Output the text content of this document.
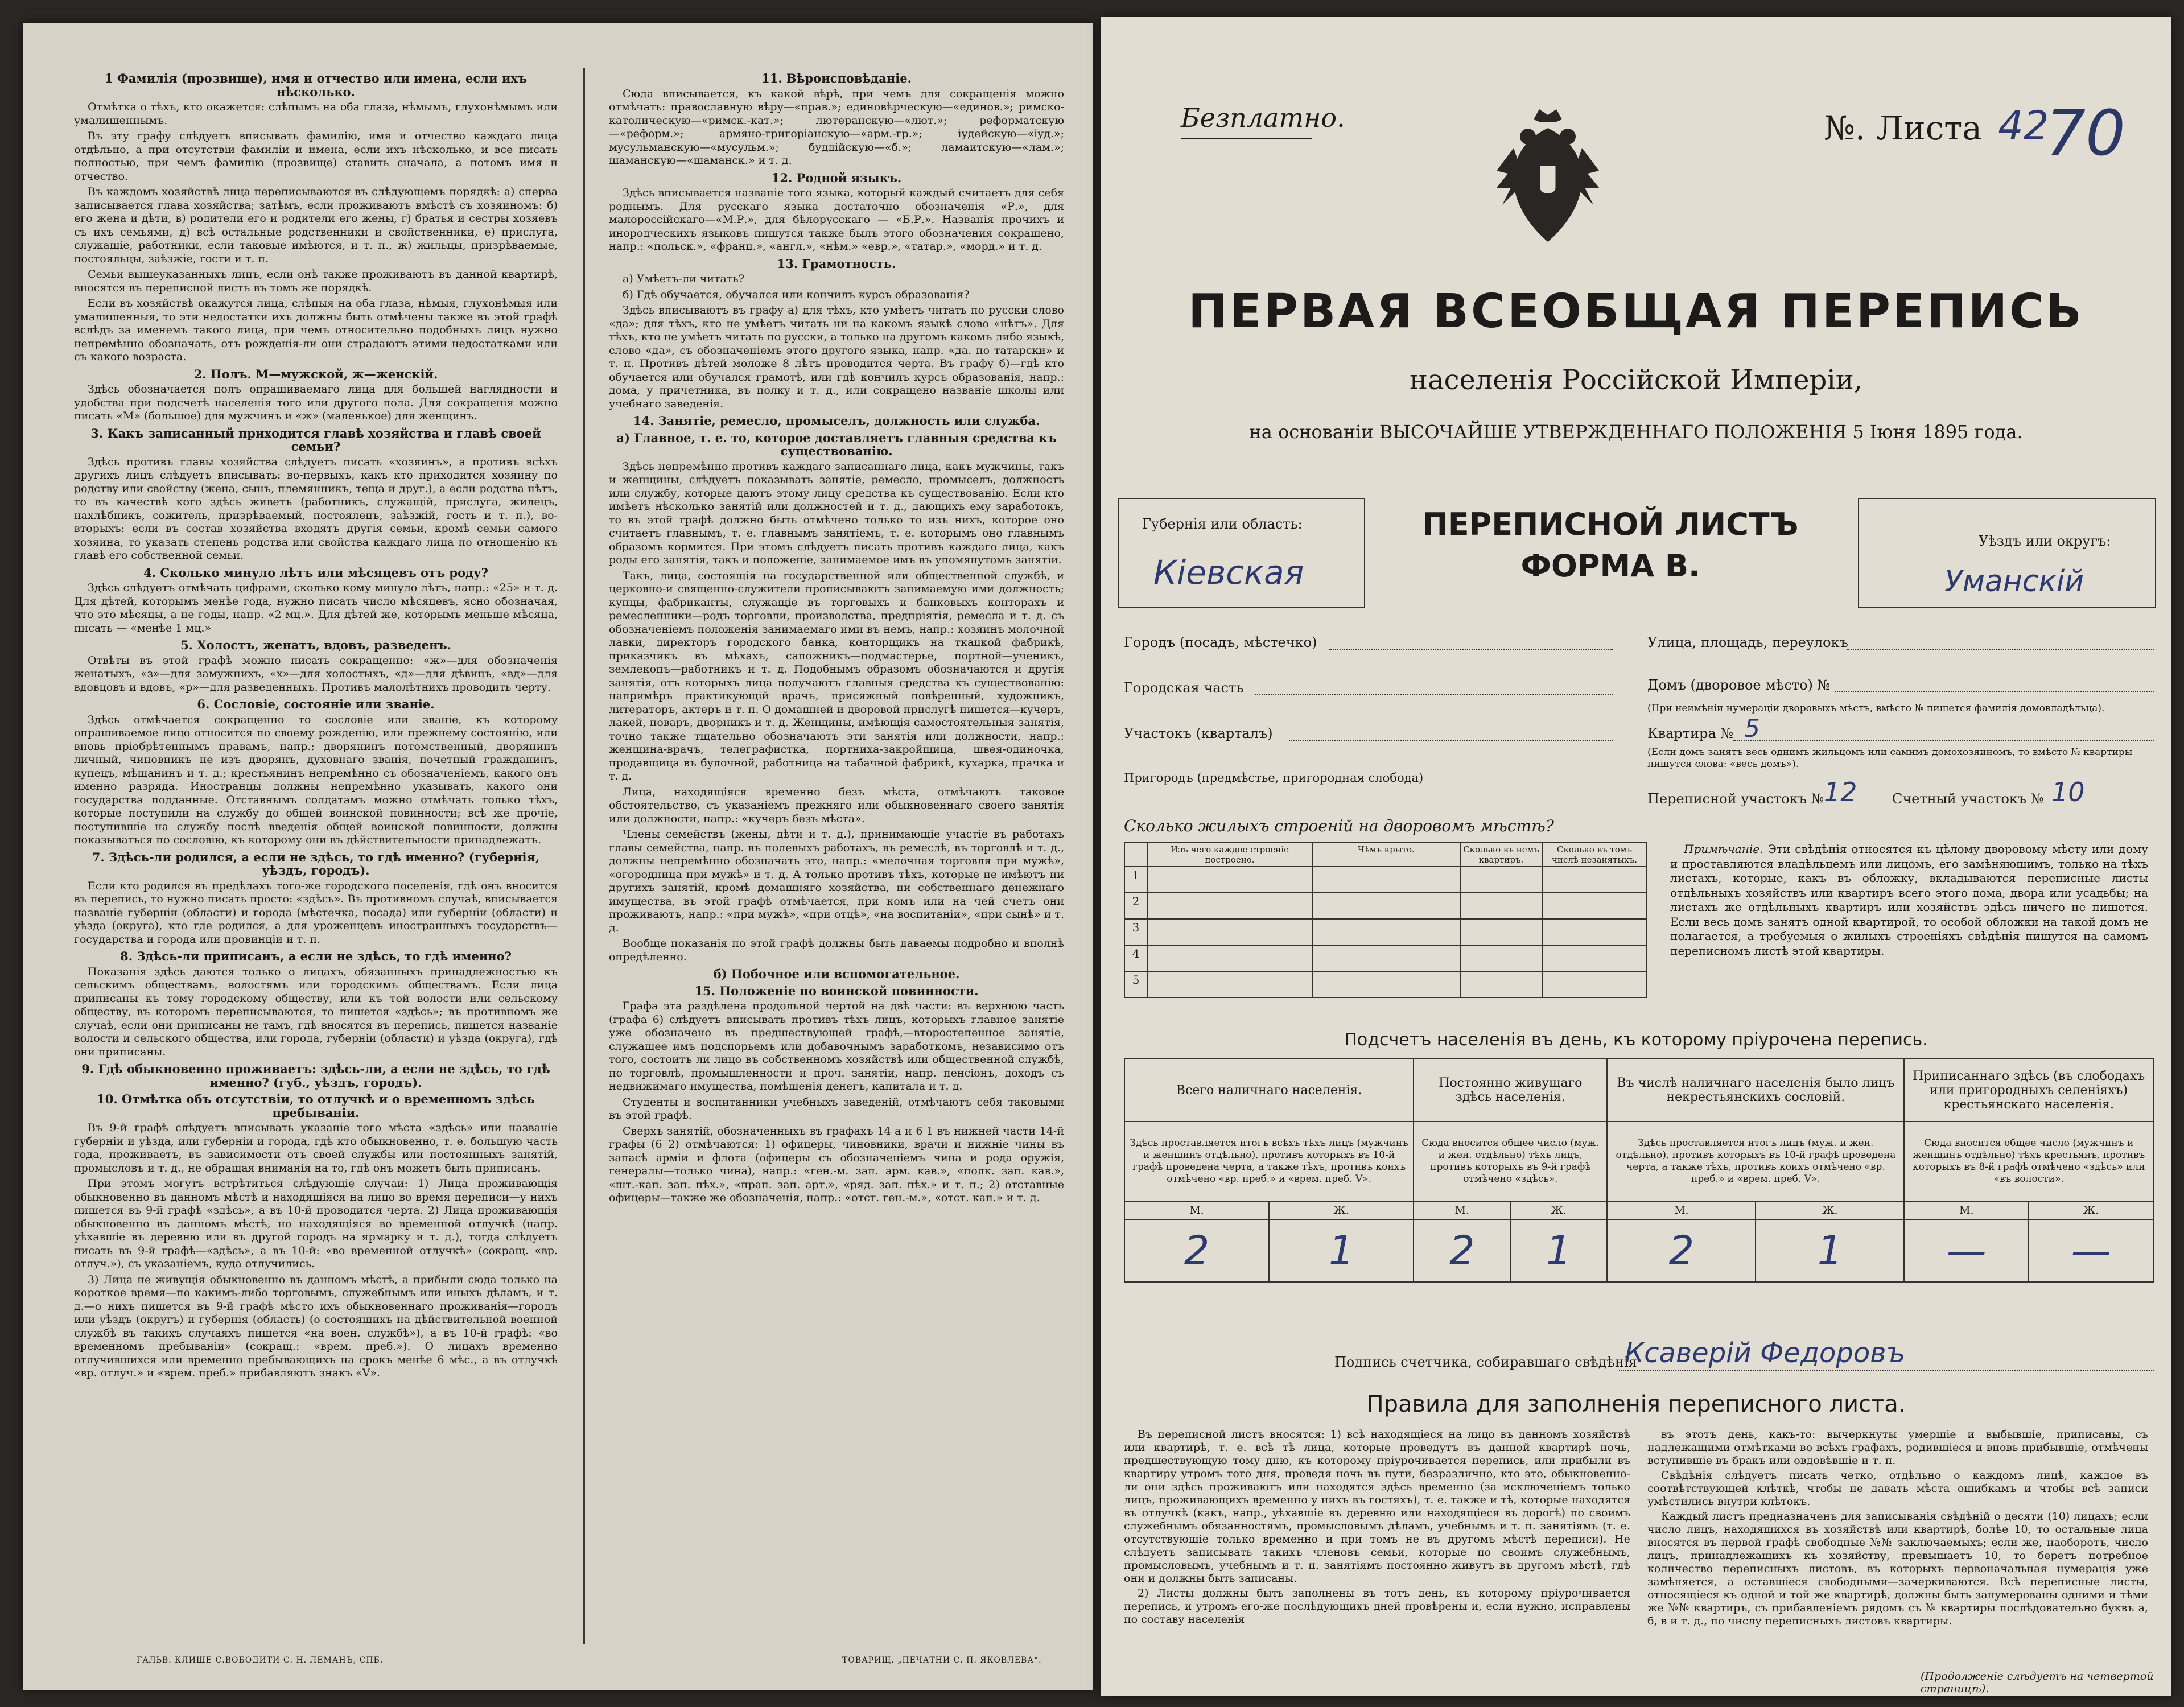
1 Фамилія (прозвище), имя и отчество или имена, если ихъ нѣсколько.

Отмѣтка о тѣхъ, кто окажется: слѣпымъ на оба глаза, нѣмымъ, глухонѣмымъ или умалишеннымъ.

Въ эту графу слѣдуетъ вписывать фамилію, имя и отчество каждаго лица отдѣльно, а при отсутствіи фамиліи и имена, если ихъ нѣсколько, и все писать полностью, при чемъ фамилію (прозвище) ставить сначала, а потомъ имя и отчество.

Въ каждомъ хозяйствѣ лица переписываются въ слѣдующемъ порядкѣ: а) сперва записывается глава хозяйства; затѣмъ, если проживаютъ вмѣстѣ съ хозяиномъ: б) его жена и дѣти, в) родители его и родители его жены, г) братья и сестры хозяевъ съ ихъ семьями, д) всѣ остальные родственники и свойственники, е) прислуга, служащіе, работники, если таковые имѣются, и т. п., ж) жильцы, призрѣваемые, постояльцы, заѣзжіе, гости и т. п.

Семьи вышеуказанныхъ лицъ, если онѣ также проживаютъ въ данной квартирѣ, вносятся въ переписной листъ въ томъ же порядкѣ.

Если въ хозяйствѣ окажутся лица, слѣпыя на оба глаза, нѣмыя, глухонѣмыя или умалишенныя, то эти недостатки ихъ должны быть отмѣчены также въ этой графѣ вслѣдъ за именемъ такого лица, при чемъ относительно подобныхъ лицъ нужно непремѣнно обозначать, отъ рожденія-ли они страдаютъ этими недостатками или съ какого возраста.

2. Полъ. М—мужской, ж—женскій.

Здѣсь обозначается полъ опрашиваемаго лица для большей наглядности и удобства при подсчетѣ населенія того или другого пола. Для сокращенія можно писать «М» (большое) для мужчинъ и «ж» (маленькое) для женщинъ.

3. Какъ записанный приходится главѣ хозяйства и главѣ своей семьи?

Здѣсь противъ главы хозяйства слѣдуетъ писать «хозяинъ», а противъ всѣхъ другихъ лицъ слѣдуетъ вписывать: во-первыхъ, какъ кто приходится хозяину по родству или свойству (жена, сынъ, племянникъ, теща и друг.), а если родства нѣтъ, то въ качествѣ кого здѣсь живетъ (работникъ, служащій, прислуга, жилецъ, нахлѣбникъ, сожитель, призрѣваемый, постоялецъ, заѣзжій, гость и т. п.), во-вторыхъ: если въ состав хозяйства входятъ другія семьи, кромѣ семьи самого хозяина, то указать степень родства или свойства каждаго лица по отношенію къ главѣ его собственной семьи.

4. Сколько минуло лѣтъ или мѣсяцевъ отъ роду?

Здѣсь слѣдуетъ отмѣчать цифрами, сколько кому минуло лѣтъ, напр.: «25» и т. д. Для дѣтей, которымъ менѣе года, нужно писать число мѣсяцевъ, ясно обозначая, что это мѣсяцы, а не годы, напр. «2 мц.». Для дѣтей же, которымъ меньше мѣсяца, писать — «менѣе 1 мц.»

5. Холостъ, женатъ, вдовъ, разведенъ.

Отвѣты въ этой графѣ можно писать сокращенно: «ж»—для обозначенія женатыхъ, «з»—для замужнихъ, «х»—для холостыхъ, «д»—для дѣвицъ, «вд»—для вдовцовъ и вдовъ, «р»—для разведенныхъ. Противъ малолѣтнихъ проводить черту.

6. Сословіе, состояніе или званіе.

Здѣсь отмѣчается сокращенно то сословіе или званіе, къ которому опрашиваемое лицо относится по своему рожденію, или прежнему состоянію, или вновь пріобрѣтеннымъ правамъ, напр.: дворянинъ потомственный, дворянинъ личный, чиновникъ не изъ дворянъ, духовнаго званія, почетный гражданинъ, купецъ, мѣщанинъ и т. д.; крестьянинъ непремѣнно съ обозначеніемъ, какого онъ именно разряда. Иностранцы должны непремѣнно указывать, какого они государства подданные. Отставнымъ солдатамъ можно отмѣчать только тѣхъ, которые поступили на службу до общей воинской повинности; всѣ же прочіе, поступившіе на службу послѣ введенія общей воинской повинности, должны показываться по сословію, къ которому они въ дѣйствительности принадлежатъ.

7. Здѣсь-ли родился, а если не здѣсь, то гдѣ именно? (губернія, уѣздъ, городъ).

Если кто родился въ предѣлахъ того-же городского поселенія, гдѣ онъ вносится въ перепись, то нужно писать просто: «здѣсь». Въ противномъ случаѣ, вписывается названіе губерніи (области) и города (мѣстечка, посада) или губерніи (области) и уѣзда (округа), кто где родился, а для уроженцевъ иностранныхъ государствъ—государства и города или провинціи и т. п.

8. Здѣсь-ли приписанъ, а если не здѣсь, то гдѣ именно?

Показанія здѣсь даются только о лицахъ, обязанныхъ принадлежностью къ сельскимъ обществамъ, волостямъ или городскимъ обществамъ. Если лица приписаны къ тому городскому обществу, или къ той волости или сельскому обществу, въ которомъ переписываются, то пишется «здѣсь»; въ противномъ же случаѣ, если они приписаны не тамъ, гдѣ вносятся въ перепись, пишется названіе волости и сельского общества, или города, губерніи (области) и уѣзда (округа), гдѣ они приписаны.

9. Гдѣ обыкновенно проживаетъ: здѣсь-ли, а если не здѣсь, то гдѣ именно? (губ., уѣздъ, городъ).

10. Отмѣтка объ отсутствіи, то отлучкѣ и о временномъ здѣсь пребываніи.

Въ 9-й графѣ слѣдуетъ вписывать указаніе того мѣста «здѣсь» или названіе губерніи и уѣзда, или губерніи и города, гдѣ кто обыкновенно, т. е. большую часть года, проживаетъ, въ зависимости отъ своей службы или постоянныхъ занятій, промысловъ и т. д., не обращая вниманія на то, гдѣ онъ можетъ быть приписанъ.

При этомъ могутъ встрѣтиться слѣдующіе случаи: 1) Лица проживающія обыкновенно въ данномъ мѣстѣ и находящіяся на лицо во время переписи—у нихъ пишется въ 9-й графѣ «здѣсь», а въ 10-й проводится черта. 2) Лица проживающія обыкновенно въ данномъ мѣстѣ, но находящіяся во временной отлучкѣ (напр. уѣхавшіе въ деревню или въ другой городъ на ярмарку и т. д.), тогда слѣдуетъ писать въ 9-й графѣ—«здѣсь», а въ 10-й: «во временной отлучкѣ» (сокращ. «вр. отлуч.»), съ указаніемъ, куда отлучились.

3) Лица не живущія обыкновенно въ данномъ мѣстѣ, а прибыли сюда только на короткое время—по какимъ-либо торговымъ, служебнымъ или иныхъ дѣламъ, и т. д.—о нихъ пишется въ 9-й графѣ мѣсто ихъ обыкновеннаго проживанія—городъ или уѣздъ (округъ) и губернія (область) (о состоящихъ на дѣйствительной военной службѣ въ такихъ случаяхъ пишется «на воен. службѣ»), а въ 10-й графѣ: «во временномъ пребываніи» (сокращ.: «врем. преб.»). О лицахъ временно отлучившихся или временно пребывающихъ на срокъ менѣе 6 мѣс., а въ отлучкѣ «вр. отлуч.» и «врем. преб.» прибавляютъ знакъ «V».

11. Вѣроисповѣданіе.

Сюда вписывается, къ какой вѣрѣ, при чемъ для сокращенія можно отмѣчать: православную вѣру—«прав.»; единовѣрческую—«единов.»; римско-католическую—«римск.-кат.»; лютеранскую—«лют.»; реформатскую—«реформ.»; армяно-григоріанскую—«арм.-гр.»; іудейскую—«іуд.»; мусульманскую—«мусульм.»; буддійскую—«б.»; ламаитскую—«лам.»; шаманскую—«шаманск.» и т. д.

12. Родной языкъ.

Здѣсь вписывается названіе того языка, который каждый считаетъ для себя роднымъ. Для русскаго языка достаточно обозначенія «Р.», для малороссійскаго—«М.Р.», для бѣлорусскаго — «Б.Р.». Названія прочихъ и инородческихъ языковъ пишутся также былъ этого обозначения сокращено, напр.: «польск.», «франц.», «англ.», «нѣм.» «евр.», «татар.», «морд.» и т. д.

13. Грамотность.

а) Умѣетъ-ли читать?

б) Гдѣ обучается, обучался или кончилъ курсъ образованія?

Здѣсь вписываютъ въ графу а) для тѣхъ, кто умѣетъ читать по русски слово «да»; для тѣхъ, кто не умѣетъ читать ни на какомъ языкѣ слово «нѣтъ». Для тѣхъ, кто не умѣетъ читать по русски, а только на другомъ какомъ либо языкѣ, слово «да», съ обозначеніемъ этого другого языка, напр. «да. по татарски» и т. п. Противъ дѣтей моложе 8 лѣтъ проводится черта. Въ графу б)—гдѣ кто обучается или обучался грамотѣ, или гдѣ кончилъ курсъ образованія, напр.: дома, у причетника, въ полку и т. д., или сокращено названіе школы или учебнаго заведенія.

14. Занятіе, ремесло, промыселъ, должность или служба.

а) Главное, т. е. то, которое доставляетъ главныя средства къ существованію.

Здѣсь непремѣнно противъ каждаго записаннаго лица, какъ мужчины, такъ и женщины, слѣдуетъ показывать занятіе, ремесло, промыселъ, должность или службу, которые даютъ этому лицу средства къ существованію. Если кто имѣетъ нѣсколько занятій или должностей и т. д., дающихъ ему заработокъ, то въ этой графѣ должно быть отмѣчено только то изъ нихъ, которое оно считаетъ главнымъ, т. е. главнымъ занятіемъ, т. е. которымъ оно главнымъ образомъ кормится. При этомъ слѣдуетъ писать противъ каждаго лица, какъ роды его занятія, такъ и положеніе, занимаемое имъ въ упомянутомъ занятіи.

Такъ, лица, состоящія на государственной или общественной службѣ, и церковно-и священно-служители прописываютъ занимаемую ими должность; купцы, фабриканты, служащіе въ торговыхъ и банковыхъ конторахъ и ремесленники—родъ торговли, производства, предпріятія, ремесла и т. д. съ обозначеніемъ положенія занимаемаго ими въ немъ, напр.: хозяинъ молочной лавки, директоръ городского банка, конторщикъ на ткацкой фабрикѣ, приказчикъ въ мѣхахъ, сапожникъ—подмастерье, портной—ученикъ, землекопъ—работникъ и т. д. Подобнымъ образомъ обозначаются и другія занятія, отъ которыхъ лица получаютъ главныя средства къ существованію: напримѣръ практикующій врачъ, присяжный повѣренный, художникъ, литераторъ, актеръ и т. п. О домашней и дворовой прислугѣ пишется—кучеръ, лакей, поваръ, дворникъ и т. д. Женщины, имѣющія самостоятельныя занятія, точно также тщательно обозначаютъ эти занятія или должности, напр.: женщина-врачъ, телеграфистка, портниха-закройщица, швея-одиночка, продавщица въ булочной, работница на табачной фабрикѣ, кухарка, прачка и т. д.

Лица, находящіяся временно безъ мѣста, отмѣчаютъ таковое обстоятельство, съ указаніемъ прежняго или обыкновеннаго своего занятія или должности, напр.: «кучеръ безъ мѣста».

Члены семействъ (жены, дѣти и т. д.), принимающіе участіе въ работахъ главы семейства, напр. въ полевыхъ работахъ, въ ремеслѣ, въ торговлѣ и т. д., должны непремѣнно обозначать это, напр.: «мелочная торговля при мужѣ», «огородница при мужѣ» и т. д. А только противъ тѣхъ, которые не имѣютъ ни другихъ занятій, кромѣ домашняго хозяйства, ни собственнаго денежнаго имущества, въ этой графѣ отмѣчается, при комъ или на чей счетъ они проживаютъ, напр.: «при мужѣ», «при отцѣ», «на воспитаніи», «при сынѣ» и т. д.

Вообще показанія по этой графѣ должны быть даваемы подробно и вполнѣ опредѣленно.

б) Побочное или вспомогательное.

15. Положеніе по воинской повинности.

Графа эта раздѣлена продольной чертой на двѣ части: въ верхнюю часть (графа 6) слѣдуетъ вписывать противъ тѣхъ лицъ, которыхъ главное занятіе уже обозначено въ предшествующей графѣ,—второстепенное занятіе, служащее имъ подспорьемъ или добавочнымъ заработкомъ, независимо отъ того, состоитъ ли лицо въ собственномъ хозяйствѣ или общественной службѣ, по торговлѣ, промышленности и проч. занятіи, напр. пенсіонъ, доходъ съ недвижимаго имущества, помѣщенія денегъ, капитала и т. д.

Студенты и воспитанники учебныхъ заведеній, отмѣчаютъ себя таковыми въ этой графѣ.

Сверхъ занятій, обозначенныхъ въ графахъ 14 а и 6 1 въ нижней части 14-й графы (6 2) отмѣчаются: 1) офицеры, чиновники, врачи и нижніе чины въ запасѣ арміи и флота (офицеры съ обозначеніемъ чина и рода оружія, генералы—только чина), напр.: «ген.-м. зап. арм. кав.», «полк. зап. кав.», «шт.-кап. зап. пѣх.», «прап. зап. арт.», «ряд. зап. пѣх.» и т. п.; 2) отставные офицеры—также же обозначенія, напр.: «отст. ген.-м.», «отст. кап.» и т. д.

ГАЛЬВ. КЛИШЕ С.ВОБОДИТИ С. Н. ЛЕМАНЪ, СПБ.	ТОВАРИЩ. „ПЕЧАТНИ С. П. ЯКОВЛЕВА“.
Безплатно.	№. Листа 42
70
ПЕРВАЯ ВСЕОБЩАЯ ПЕРЕПИСЬ
населенія Россійской Имперіи,
на основаніи ВЫСОЧАЙШЕ УТВЕРЖДЕННАГО ПОЛОЖЕНІЯ 5 Іюня 1895 года.
Губернія или область:
Кіевская
ПЕРЕПИСНОЙ ЛИСТЪ
ФОРМА В.
Уѣздъ или округъ:
Уманскій
Городъ (посадъ, мѣстечко)
Городская часть
Участокъ (кварталъ)
Пригородъ (предмѣстье, пригородная слобода)
Улица, площадь, переулокъ
Домъ (дворовое мѣсто) №
(При неимѣніи нумераціи дворовыхъ мѣстъ, вмѣсто № пишется фамилія домовладѣльца).
Квартира № 5
(Если домъ занятъ весь однимъ жильцомъ или самимъ домохозяиномъ, то вмѣсто № квартиры пишутся слова: «весь домъ»).
Переписной участокъ № 12	Счетный участокъ № 10
Сколько жилыхъ строеній на дворовомъ мѣстѣ?
	Изъ чего каждое строеніе построено.	Чѣмъ крыто.	Сколько въ немъ квартиръ.	Сколько въ томъ числѣ незанятыхъ.
1				
2				
3				
4				
5				

Примѣчаніе. Эти свѣдѣнія относятся къ цѣлому дворовому мѣсту или дому и проставляются владѣльцемъ или лицомъ, его замѣняющимъ, только на тѣхъ листахъ, которые, какъ въ обложку, вкладываются переписные листы отдѣльныхъ хозяйствъ или квартиръ всего этого дома, двора или усадьбы; на листахъ же отдѣльныхъ квартиръ или хозяйствъ здѣсь ничего не пишется. Если весь домъ занятъ одной квартирой, то особой обложки на такой домъ не полагается, а требуемыя о жилыхъ строеніяхъ свѣдѣнія пишутся на самомъ переписномъ листѣ этой квартиры.

Подсчетъ населенія въ день, къ которому пріурочена перепись.
Всего наличнаго населенія.		Постоянно живущаго здѣсь населенія.		Въ числѣ наличнаго населенія было лицъ некрестьянскихъ сословій.		Приписаннаго здѣсь (въ слободахъ или пригородныхъ селеніяхъ) крестьянскаго населенія.	
Здѣсь проставляется итогъ всѣхъ тѣхъ лицъ (мужчинъ и женщинъ отдѣльно), противъ которыхъ въ 10-й графѣ проведена черта, а также тѣхъ, противъ коихъ отмѣчено «вр. преб.» и «врем. преб. V».		Сюда вносится общее число (муж. и жен. отдѣльно) тѣхъ лицъ, противъ которыхъ въ 9-й графѣ отмѣчено «здѣсь».		Здѣсь проставляется итогъ лицъ (муж. и жен. отдѣльно), противъ которыхъ въ 10-й графѣ проведена черта, а также тѣхъ, противъ коихъ отмѣчено «вр. преб.» и «врем. преб. V».		Сюда вносится общее число (мужчинъ и женщинъ отдѣльно) тѣхъ крестьянъ, противъ которыхъ въ 8-й графѣ отмѣчено «здѣсь» или «въ волости».	
М.	Ж.	М.	Ж.	М.	Ж.	М.	Ж.
2	1	2	1	2	1	—	—
Подпись счетчика, собиравшаго свѣдѣнія
Ксаверій Федоровъ
Правила для заполненія переписного листа.

Въ переписной листъ вносятся: 1) всѣ находящіеся на лицо въ данномъ хозяйствѣ или квартирѣ, т. е. всѣ тѣ лица, которые проведутъ въ данной квартирѣ ночь, предшествующую тому дню, къ которому пріурочивается перепись, или прибыли въ квартиру утромъ того дня, проведя ночь въ пути, безразлично, кто это, обыкновенно-ли они здѣсь проживаютъ или находятся здѣсь временно (за исключеніемъ только лицъ, проживающихъ временно у нихъ въ гостяхъ), т. е. также и тѣ, которые находятся въ отлучкѣ (какъ, напр., уѣхавшіе въ деревню или находящіеся въ дорогѣ) по своимъ служебнымъ обязанностямъ, промысловымъ дѣламъ, учебнымъ и т. п. занятіямъ (т. е. отсутствующіе только временно и при томъ не въ другомъ мѣстѣ переписи). Не слѣдуетъ записывать такихъ членовъ семьи, которые по своимъ служебнымъ, промысловымъ, учебнымъ и т. п. занятіямъ постоянно живутъ въ другомъ мѣстѣ, гдѣ они и должны быть записаны.

2) Листы должны быть заполнены въ тотъ день, къ которому пріурочивается перепись, и утромъ его-же послѣдующихъ дней провѣрены и, если нужно, исправлены по составу населенія

въ этотъ день, какъ-то: вычеркнуты умершіе и выбывшіе, приписаны, съ надлежащими отмѣтками во всѣхъ графахъ, родившіеся и вновь прибывшіе, отмѣчены вступившіе въ бракъ или овдовѣвшіе и т. п.

Свѣдѣнія слѣдуетъ писать четко, отдѣльно о каждомъ лицѣ, каждое въ соотвѣтствующей клѣткѣ, чтобы не давать мѣста ошибкамъ и чтобы всѣ записи умѣстились внутри клѣтокъ.

Каждый листъ предназначенъ для записыванія свѣдѣній о десяти (10) лицахъ; если число лицъ, находящихся въ хозяйствѣ или квартирѣ, болѣе 10, то остальные лица вносятся въ первой графѣ свободные №№ заключаемыхъ; если же, наоборотъ, число лицъ, принадлежащихъ къ хозяйству, превышаетъ 10, то беретъ потребное количество переписныхъ листовъ, въ которыхъ первоначальная нумерація уже замѣняется, а оставшіеся свободными—зачеркиваются. Всѣ переписные листы, относящіеся къ одной и той же квартирѣ, должны быть занумерованы одними и тѣми же №№ квартиръ, съ прибавленіемъ рядомъ съ № квартиры послѣдовательно буквъ а, б, в и т. д., по числу переписныхъ листовъ квартиры.

(Продолженіе слѣдуетъ на четвертой страницѣ).
